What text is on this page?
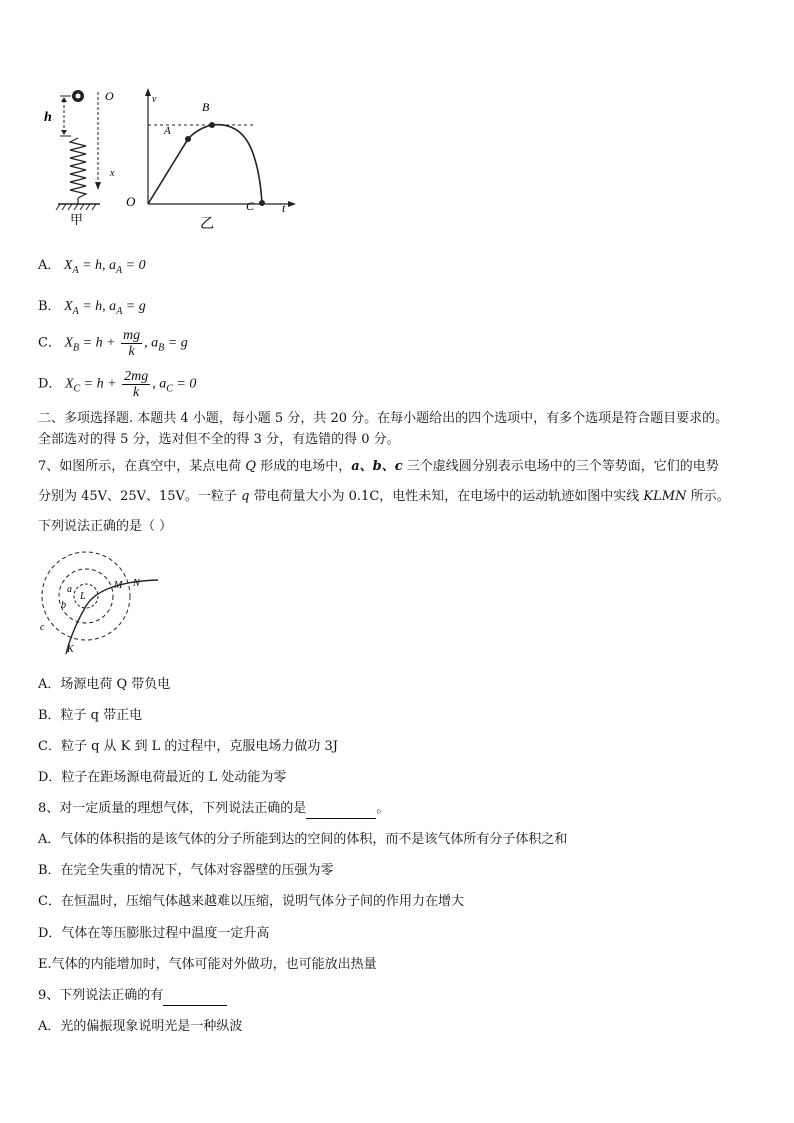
h
O
x
甲
v
t
O
A
B
C
乙
A． $X_A = h$, $a_A = 0$
B． $X_A = h$, $a_A = g$
C． $X_B = h + \frac{mg}{k}$ , $a_B = g$
D． $X_C = h + \frac{2mg}{k}$ , $a_C = 0$
二、多项选择题. 本题共 4 小题，每小题 5 分，共 20 分。在每小题给出的四个选项中，有多个选项是符合题目要求的。
全部选对的得 5 分，选对但不全的得 3 分，有选错的得 0 分。
7、如图所示，在真空中，某点电荷 Q 形成的电场中，a、b、c 三个虚线圆分别表示电场中的三个等势面，它们的电势
分别为 45V、25V、15V。一粒子 q 带电荷量大小为 0.1C，电性未知，在电场中的运动轨迹如图中实线 KLMN 所示。
下列说法正确的是（ ）
a
b
c
L
M N
K
A．场源电荷 Q 带负电
B．粒子 q 带正电
C．粒子 q 从 K 到 L 的过程中，克服电场力做功 3J
D．粒子在距场源电荷最近的 L 处动能为零
8、对一定质量的理想气体，下列说法正确的是	。
A．气体的体积指的是该气体的分子所能到达的空间的体积，而不是该气体所有分子体积之和
B．在完全失重的情况下，气体对容器壁的压强为零
C．在恒温时，压缩气体越来越难以压缩，说明气体分子间的作用力在增大
D．气体在等压膨胀过程中温度一定升高
E.气体的内能增加时，气体可能对外做功，也可能放出热量
9、下列说法正确的有
A．光的偏振现象说明光是一种纵波
